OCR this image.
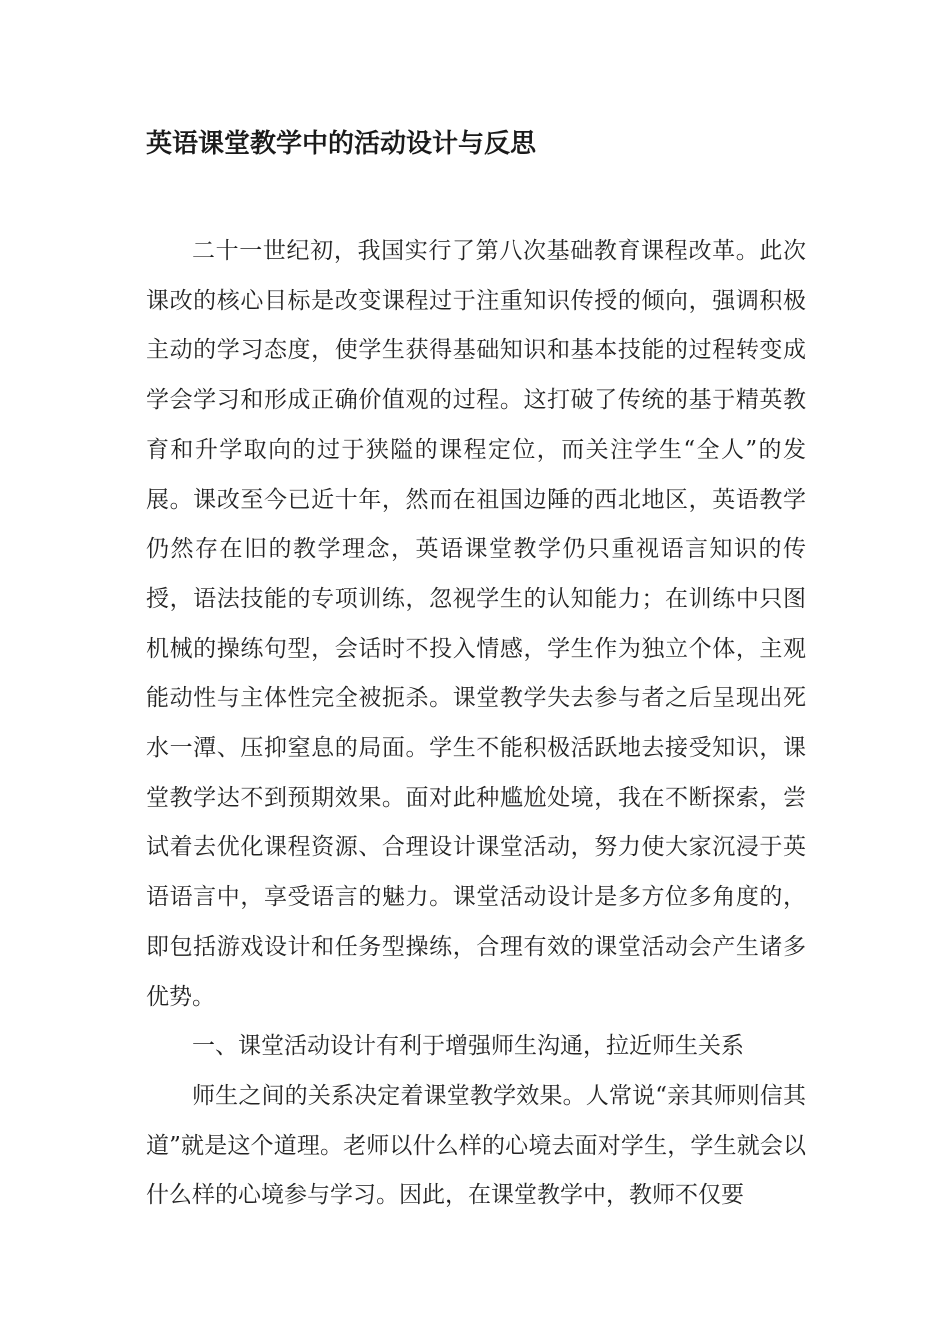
英语课堂教学中的活动设计与反思

二十一世纪初，我国实行了第八次基础教育课程改革。此次课改的核心目标是改变课程过于注重知识传授的倾向，强调积极主动的学习态度，使学生获得基础知识和基本技能的过程转变成学会学习和形成正确价值观的过程。这打破了传统的基于精英教育和升学取向的过于狭隘的课程定位，而关注学生“全人”的发展。课改至今已近十年，然而在祖国边陲的西北地区，英语教学仍然存在旧的教学理念，英语课堂教学仍只重视语言知识的传授，语法技能的专项训练，忽视学生的认知能力；在训练中只图机械的操练句型，会话时不投入情感，学生作为独立个体，主观能动性与主体性完全被扼杀。课堂教学失去参与者之后呈现出死水一潭、压抑窒息的局面。学生不能积极活跃地去接受知识，课堂教学达不到预期效果。面对此种尴尬处境，我在不断探索，尝试着去优化课程资源、合理设计课堂活动，努力使大家沉浸于英语语言中，享受语言的魅力。课堂活动设计是多方位多角度的，即包括游戏设计和任务型操练，合理有效的课堂活动会产生诸多优势。

一、课堂活动设计有利于增强师生沟通，拉近师生关系

师生之间的关系决定着课堂教学效果。人常说“亲其师则信其道”就是这个道理。老师以什么样的心境去面对学生，学生就会以什么样的心境参与学习。因此，在课堂教学中，教师不仅要
